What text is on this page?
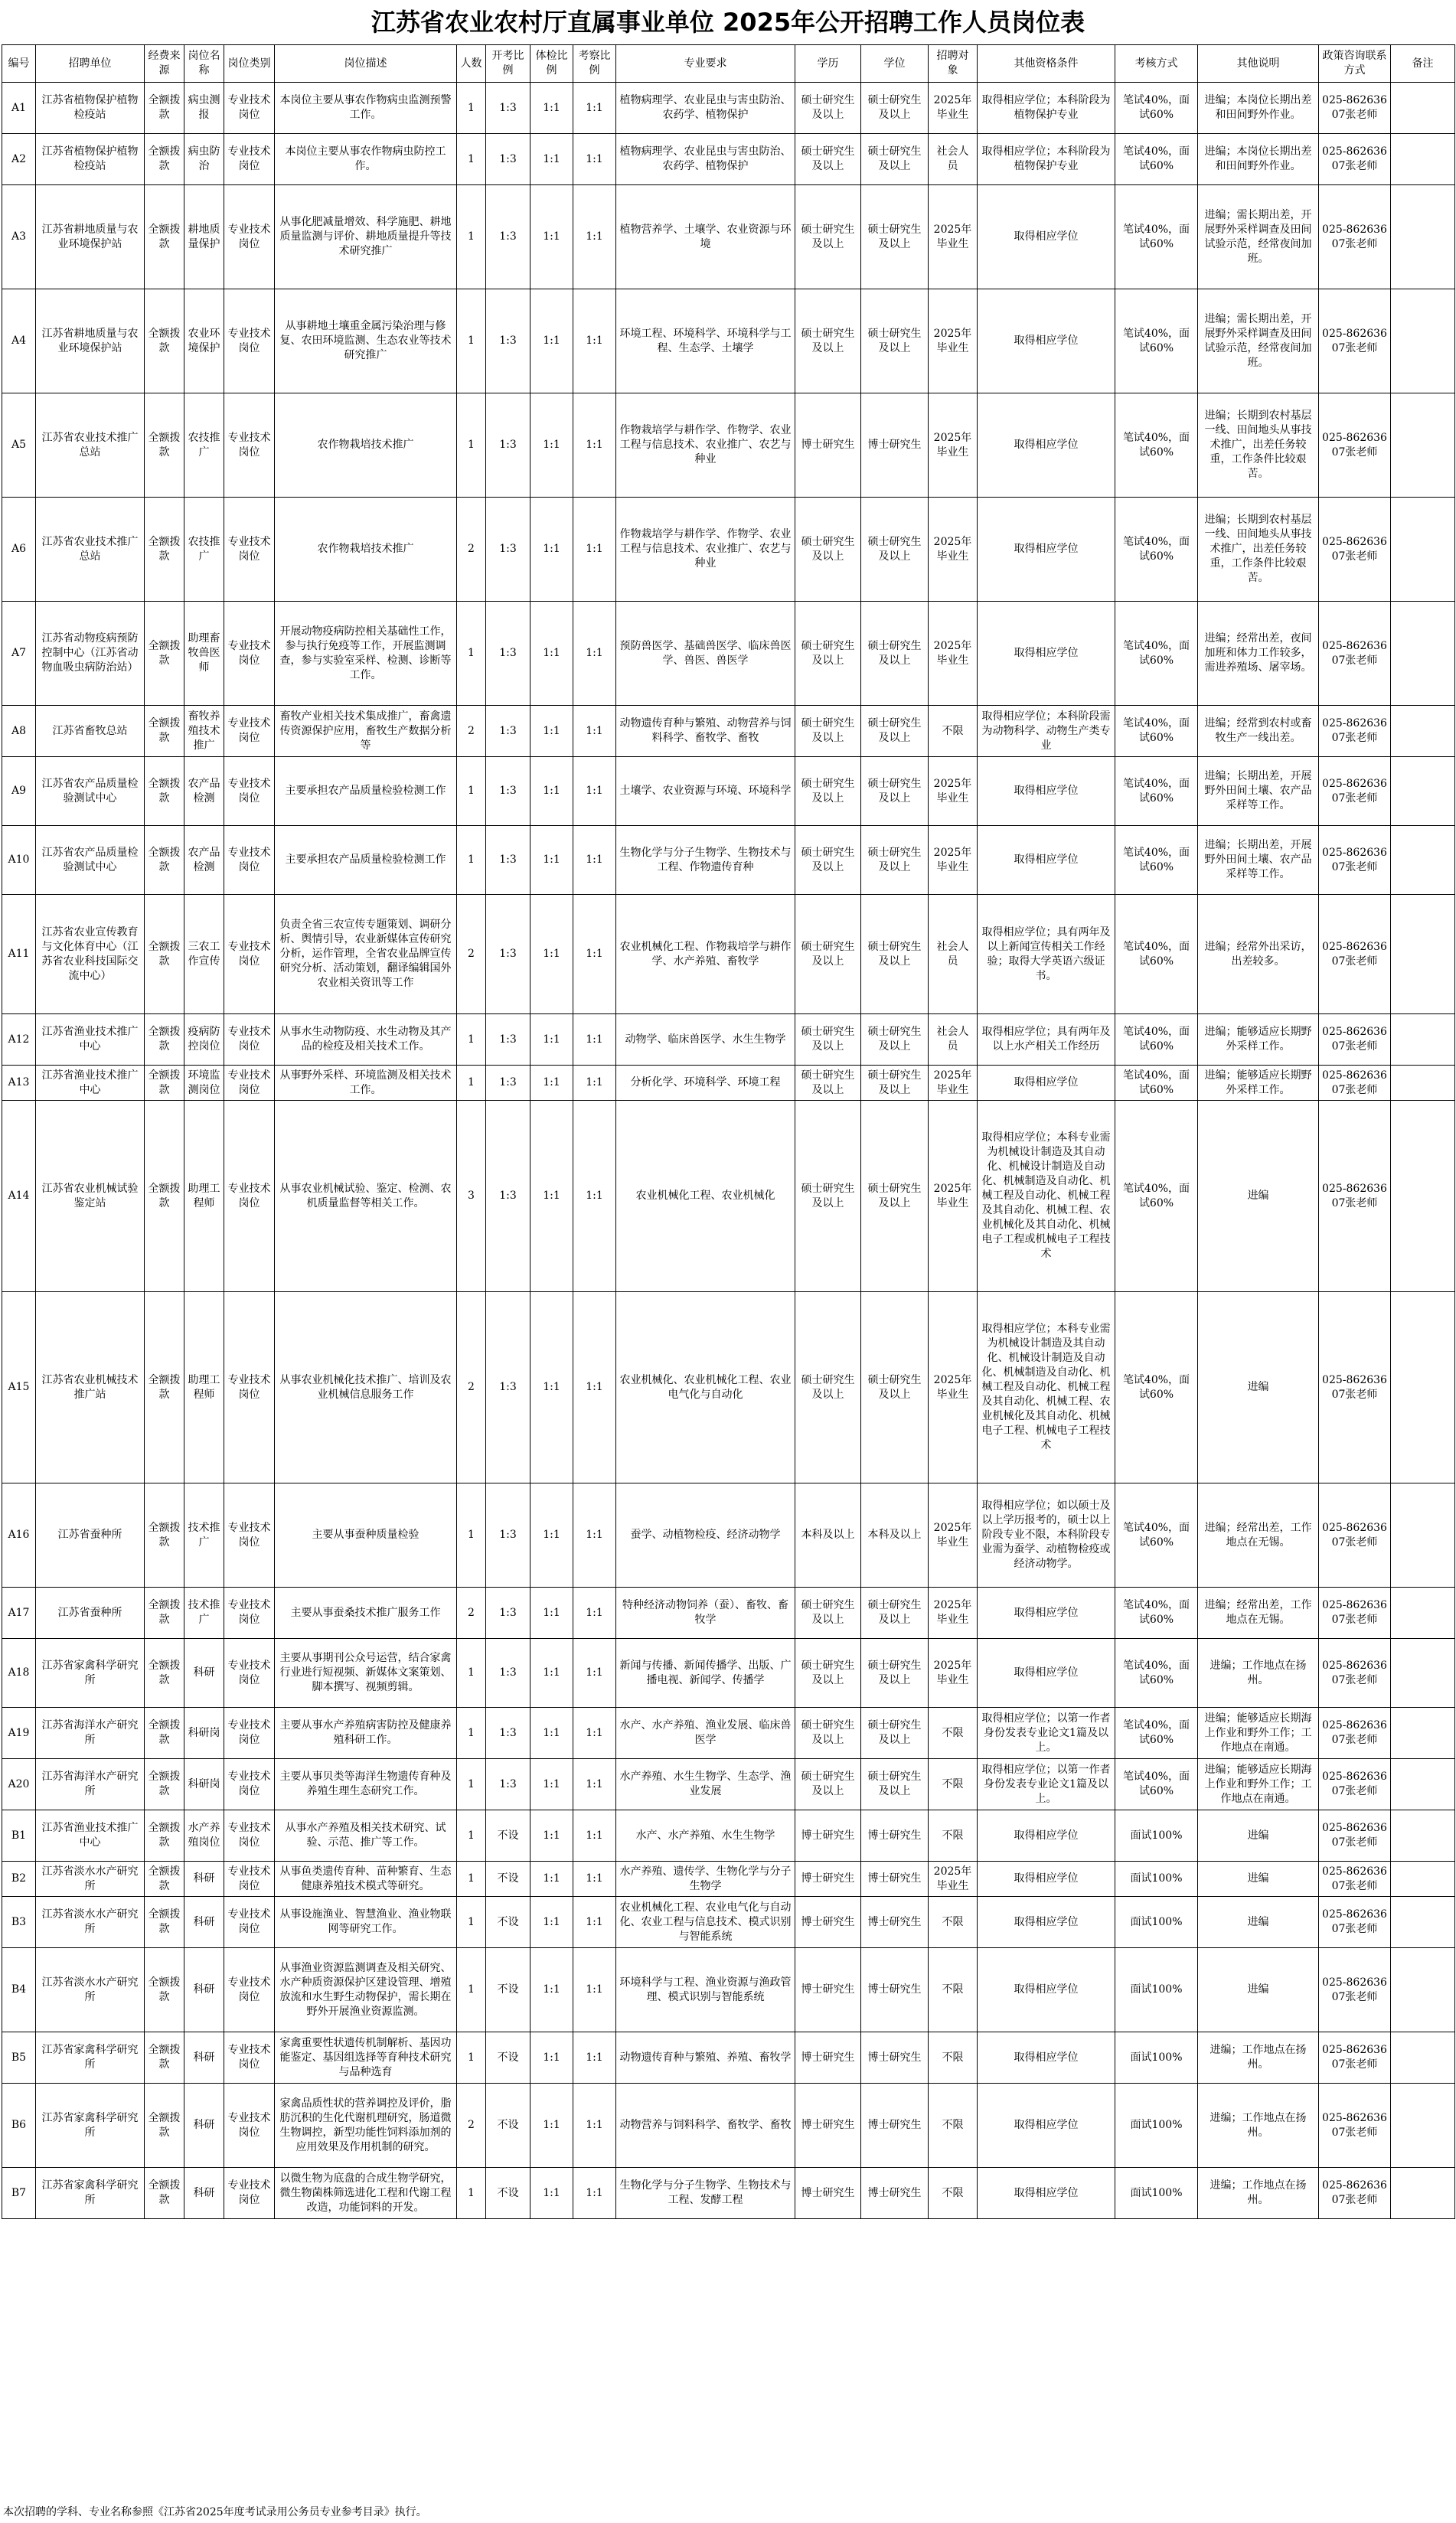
江苏省农业农村厅直属事业单位 2025年公开招聘工作人员岗位表
编号	招聘单位	经费来源	岗位名称	岗位类别	岗位描述	人数	开考比例	体检比例	考察比例	专业要求	学历	学位	招聘对象	其他资格条件	考核方式	其他说明	政策咨询联系方式	备注
A1	江苏省植物保护植物检疫站	全额拨款	病虫测报	专业技术岗位	本岗位主要从事农作物病虫监测预警工作。	1	1:3	1:1	1:1	植物病理学、农业昆虫与害虫防治、农药学、植物保护	硕士研究生及以上	硕士研究生及以上	2025年毕业生	取得相应学位；本科阶段为植物保护专业	笔试40%，面试60%	进编；本岗位长期出差和田间野外作业。	025-86263607张老师	
A2	江苏省植物保护植物检疫站	全额拨款	病虫防治	专业技术岗位	本岗位主要从事农作物病虫防控工作。	1	1:3	1:1	1:1	植物病理学、农业昆虫与害虫防治、农药学、植物保护	硕士研究生及以上	硕士研究生及以上	社会人员	取得相应学位；本科阶段为植物保护专业	笔试40%，面试60%	进编；本岗位长期出差和田间野外作业。	025-86263607张老师	
A3	江苏省耕地质量与农业环境保护站	全额拨款	耕地质量保护	专业技术岗位	从事化肥减量增效、科学施肥、耕地质量监测与评价、耕地质量提升等技术研究推广	1	1:3	1:1	1:1	植物营养学、土壤学、农业资源与环境	硕士研究生及以上	硕士研究生及以上	2025年毕业生	取得相应学位	笔试40%，面试60%	进编；需长期出差，开展野外采样调查及田间试验示范，经常夜间加班。	025-86263607张老师	
A4	江苏省耕地质量与农业环境保护站	全额拨款	农业环境保护	专业技术岗位	从事耕地土壤重金属污染治理与修复、农田环境监测、生态农业等技术研究推广	1	1:3	1:1	1:1	环境工程、环境科学、环境科学与工程、生态学、土壤学	硕士研究生及以上	硕士研究生及以上	2025年毕业生	取得相应学位	笔试40%，面试60%	进编；需长期出差，开展野外采样调查及田间试验示范，经常夜间加班。	025-86263607张老师	
A5	江苏省农业技术推广总站	全额拨款	农技推广	专业技术岗位	农作物栽培技术推广	1	1:3	1:1	1:1	作物栽培学与耕作学、作物学、农业工程与信息技术、农业推广、农艺与种业	博士研究生	博士研究生	2025年毕业生	取得相应学位	笔试40%，面试60%	进编；长期到农村基层一线、田间地头从事技术推广，出差任务较重，工作条件比较艰苦。	025-86263607张老师	
A6	江苏省农业技术推广总站	全额拨款	农技推广	专业技术岗位	农作物栽培技术推广	2	1:3	1:1	1:1	作物栽培学与耕作学、作物学、农业工程与信息技术、农业推广、农艺与种业	硕士研究生及以上	硕士研究生及以上	2025年毕业生	取得相应学位	笔试40%，面试60%	进编；长期到农村基层一线、田间地头从事技术推广，出差任务较重，工作条件比较艰苦。	025-86263607张老师	
A7	江苏省动物疫病预防控制中心（江苏省动物血吸虫病防治站）	全额拨款	助理畜牧兽医师	专业技术岗位	开展动物疫病防控相关基础性工作，参与执行免疫等工作，开展监测调查，参与实验室采样、检测、诊断等工作。	1	1:3	1:1	1:1	预防兽医学、基础兽医学、临床兽医学、兽医、兽医学	硕士研究生及以上	硕士研究生及以上	2025年毕业生	取得相应学位	笔试40%，面试60%	进编；经常出差，夜间加班和体力工作较多，需进养殖场、屠宰场。	025-86263607张老师	
A8	江苏省畜牧总站	全额拨款	畜牧养殖技术推广	专业技术岗位	畜牧产业相关技术集成推广，畜禽遗传资源保护应用，畜牧生产数据分析等	2	1:3	1:1	1:1	动物遗传育种与繁殖、动物营养与饲料科学、畜牧学、畜牧	硕士研究生及以上	硕士研究生及以上	不限	取得相应学位；本科阶段需为动物科学、动物生产类专业	笔试40%，面试60%	进编；经常到农村或畜牧生产一线出差。	025-86263607张老师	
A9	江苏省农产品质量检验测试中心	全额拨款	农产品检测	专业技术岗位	主要承担农产品质量检验检测工作	1	1:3	1:1	1:1	土壤学、农业资源与环境、环境科学	硕士研究生及以上	硕士研究生及以上	2025年毕业生	取得相应学位	笔试40%，面试60%	进编；长期出差，开展野外田间土壤、农产品采样等工作。	025-86263607张老师	
A10	江苏省农产品质量检验测试中心	全额拨款	农产品检测	专业技术岗位	主要承担农产品质量检验检测工作	1	1:3	1:1	1:1	生物化学与分子生物学、生物技术与工程、作物遗传育种	硕士研究生及以上	硕士研究生及以上	2025年毕业生	取得相应学位	笔试40%，面试60%	进编；长期出差，开展野外田间土壤、农产品采样等工作。	025-86263607张老师	
A11	江苏省农业宣传教育与文化体育中心（江苏省农业科技国际交流中心）	全额拨款	三农工作宣传	专业技术岗位	负责全省三农宣传专题策划、调研分析、舆情引导，农业新媒体宣传研究分析，运作管理，全省农业品牌宣传研究分析、活动策划，翻译编辑国外农业相关资讯等工作	2	1:3	1:1	1:1	农业机械化工程、作物栽培学与耕作学、水产养殖、畜牧学	硕士研究生及以上	硕士研究生及以上	社会人员	取得相应学位；具有两年及以上新闻宣传相关工作经验；取得大学英语六级证书。	笔试40%，面试60%	进编；经常外出采访，出差较多。	025-86263607张老师	
A12	江苏省渔业技术推广中心	全额拨款	疫病防控岗位	专业技术岗位	从事水生动物防疫、水生动物及其产品的检疫及相关技术工作。	1	1:3	1:1	1:1	动物学、临床兽医学、水生生物学	硕士研究生及以上	硕士研究生及以上	社会人员	取得相应学位；具有两年及以上水产相关工作经历	笔试40%，面试60%	进编；能够适应长期野外采样工作。	025-86263607张老师	
A13	江苏省渔业技术推广中心	全额拨款	环境监测岗位	专业技术岗位	从事野外采样、环境监测及相关技术工作。	1	1:3	1:1	1:1	分析化学、环境科学、环境工程	硕士研究生及以上	硕士研究生及以上	2025年毕业生	取得相应学位	笔试40%，面试60%	进编；能够适应长期野外采样工作。	025-86263607张老师	
A14	江苏省农业机械试验鉴定站	全额拨款	助理工程师	专业技术岗位	从事农业机械试验、鉴定、检测、农机质量监督等相关工作。	3	1:3	1:1	1:1	农业机械化工程、农业机械化	硕士研究生及以上	硕士研究生及以上	2025年毕业生	取得相应学位；本科专业需为机械设计制造及其自动化、机械设计制造及自动化、机械制造及自动化、机械工程及自动化、机械工程及其自动化、机械工程、农业机械化及其自动化、机械电子工程或机械电子工程技术	笔试40%，面试60%	进编	025-86263607张老师	
A15	江苏省农业机械技术推广站	全额拨款	助理工程师	专业技术岗位	从事农业机械化技术推广、培训及农业机械信息服务工作	2	1:3	1:1	1:1	农业机械化、农业机械化工程、农业电气化与自动化	硕士研究生及以上	硕士研究生及以上	2025年毕业生	取得相应学位；本科专业需为机械设计制造及其自动化、机械设计制造及自动化、机械制造及自动化、机械工程及自动化、机械工程及其自动化、机械工程、农业机械化及其自动化、机械电子工程、机械电子工程技术	笔试40%，面试60%	进编	025-86263607张老师	
A16	江苏省蚕种所	全额拨款	技术推广	专业技术岗位	主要从事蚕种质量检验	1	1:3	1:1	1:1	蚕学、动植物检疫、经济动物学	本科及以上	本科及以上	2025年毕业生	取得相应学位；如以硕士及以上学历报考的，硕士以上阶段专业不限，本科阶段专业需为蚕学、动植物检疫或经济动物学。	笔试40%，面试60%	进编；经常出差，工作地点在无锡。	025-86263607张老师	
A17	江苏省蚕种所	全额拨款	技术推广	专业技术岗位	主要从事蚕桑技术推广服务工作	2	1:3	1:1	1:1	特种经济动物饲养（蚕）、畜牧、畜牧学	硕士研究生及以上	硕士研究生及以上	2025年毕业生	取得相应学位	笔试40%，面试60%	进编；经常出差，工作地点在无锡。	025-86263607张老师	
A18	江苏省家禽科学研究所	全额拨款	科研	专业技术岗位	主要从事期刊公众号运营，结合家禽行业进行短视频、新媒体文案策划、脚本撰写、视频剪辑。	1	1:3	1:1	1:1	新闻与传播、新闻传播学、出版、广播电视、新闻学、传播学	硕士研究生及以上	硕士研究生及以上	2025年毕业生	取得相应学位	笔试40%，面试60%	进编；工作地点在扬州。	025-86263607张老师	
A19	江苏省海洋水产研究所	全额拨款	科研岗	专业技术岗位	主要从事水产养殖病害防控及健康养殖科研工作。	1	1:3	1:1	1:1	水产、水产养殖、渔业发展、临床兽医学	硕士研究生及以上	硕士研究生及以上	不限	取得相应学位；以第一作者身份发表专业论文1篇及以上。	笔试40%，面试60%	进编；能够适应长期海上作业和野外工作；工作地点在南通。	025-86263607张老师	
A20	江苏省海洋水产研究所	全额拨款	科研岗	专业技术岗位	主要从事贝类等海洋生物遗传育种及养殖生理生态研究工作。	1	1:3	1:1	1:1	水产养殖、水生生物学、生态学、渔业发展	硕士研究生及以上	硕士研究生及以上	不限	取得相应学位；以第一作者身份发表专业论文1篇及以上。	笔试40%，面试60%	进编；能够适应长期海上作业和野外工作；工作地点在南通。	025-86263607张老师	
B1	江苏省渔业技术推广中心	全额拨款	水产养殖岗位	专业技术岗位	从事水产养殖及相关技术研究、试验、示范、推广等工作。	1	不设	1:1	1:1	水产、水产养殖、水生生物学	博士研究生	博士研究生	不限	取得相应学位	面试100%	进编	025-86263607张老师	
B2	江苏省淡水水产研究所	全额拨款	科研	专业技术岗位	从事鱼类遗传育种、苗种繁育、生态健康养殖技术模式等研究。	1	不设	1:1	1:1	水产养殖、遗传学、生物化学与分子生物学	博士研究生	博士研究生	2025年毕业生	取得相应学位	面试100%	进编	025-86263607张老师	
B3	江苏省淡水水产研究所	全额拨款	科研	专业技术岗位	从事设施渔业、智慧渔业、渔业物联网等研究工作。	1	不设	1:1	1:1	农业机械化工程、农业电气化与自动化、农业工程与信息技术、模式识别与智能系统	博士研究生	博士研究生	不限	取得相应学位	面试100%	进编	025-86263607张老师	
B4	江苏省淡水水产研究所	全额拨款	科研	专业技术岗位	从事渔业资源监测调查及相关研究、水产种质资源保护区建设管理、增殖放流和水生野生动物保护，需长期在野外开展渔业资源监测。	1	不设	1:1	1:1	环境科学与工程、渔业资源与渔政管理、模式识别与智能系统	博士研究生	博士研究生	不限	取得相应学位	面试100%	进编	025-86263607张老师	
B5	江苏省家禽科学研究所	全额拨款	科研	专业技术岗位	家禽重要性状遗传机制解析、基因功能鉴定、基因组选择等育种技术研究与品种选育	1	不设	1:1	1:1	动物遗传育种与繁殖、养殖、畜牧学	博士研究生	博士研究生	不限	取得相应学位	面试100%	进编；工作地点在扬州。	025-86263607张老师	
B6	江苏省家禽科学研究所	全额拨款	科研	专业技术岗位	家禽品质性状的营养调控及评价，脂肪沉积的生化代谢机理研究，肠道微生物调控，新型功能性饲料添加剂的应用效果及作用机制的研究。	2	不设	1:1	1:1	动物营养与饲料科学、畜牧学、畜牧	博士研究生	博士研究生	不限	取得相应学位	面试100%	进编；工作地点在扬州。	025-86263607张老师	
B7	江苏省家禽科学研究所	全额拨款	科研	专业技术岗位	以微生物为底盘的合成生物学研究，微生物菌株筛选进化工程和代谢工程改造，功能饲料的开发。	1	不设	1:1	1:1	生物化学与分子生物学、生物技术与工程、发酵工程	博士研究生	博士研究生	不限	取得相应学位	面试100%	进编；工作地点在扬州。	025-86263607张老师	
本次招聘的学科、专业名称参照《江苏省2025年度考试录用公务员专业参考目录》执行。
